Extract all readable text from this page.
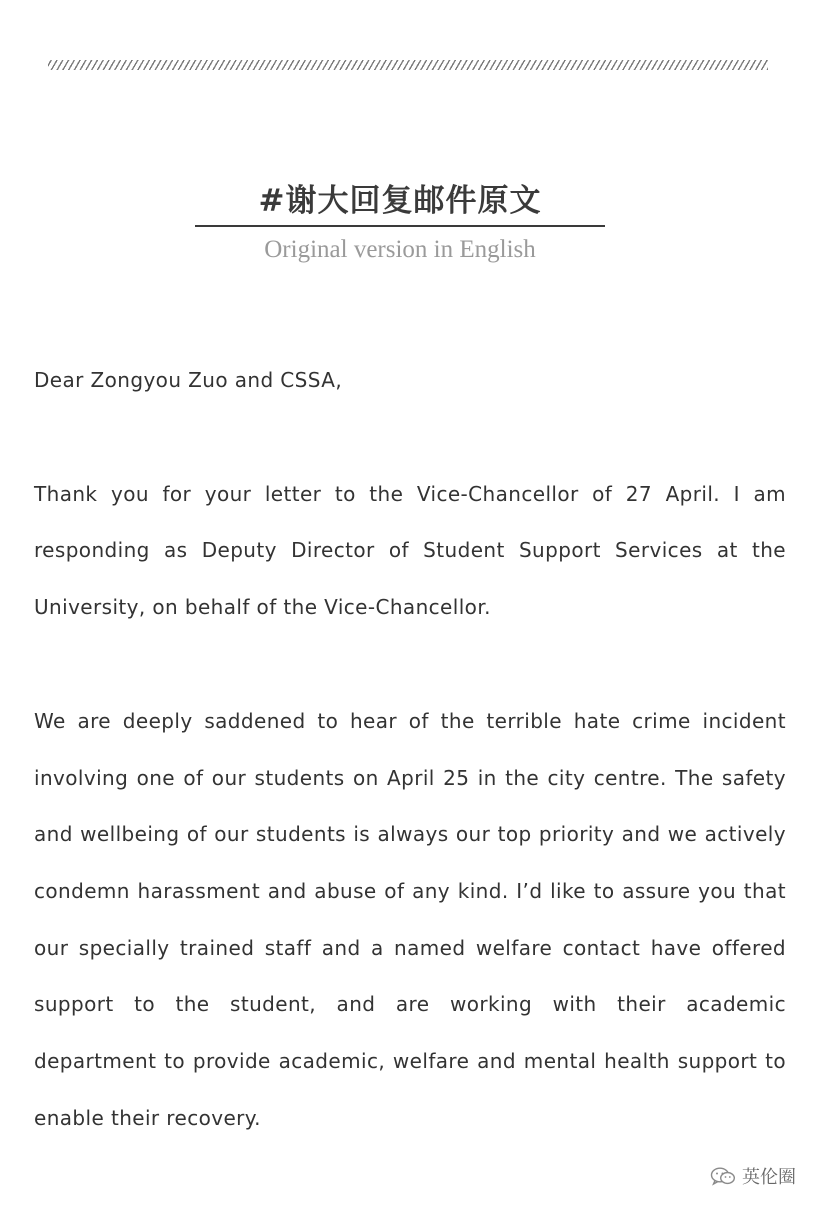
#谢大回复邮件原文
Original version in English

Dear Zongyou Zuo and CSSA,

Thank you for your letter to the Vice-Chancellor of 27 April. I am responding as Deputy Director of Student Support Services at the University, on behalf of the Vice-Chancellor.

We are deeply saddened to hear of the terrible hate crime incident involving one of our students on April 25 in the city centre. The safety and wellbeing of our students is always our top priority and we actively condemn harassment and abuse of any kind. I’d like to assure you that our specially trained staff and a named welfare contact have offered support to the student, and are working with their academic department to provide academic, welfare and mental health support to enable their recovery.

英伦圈
